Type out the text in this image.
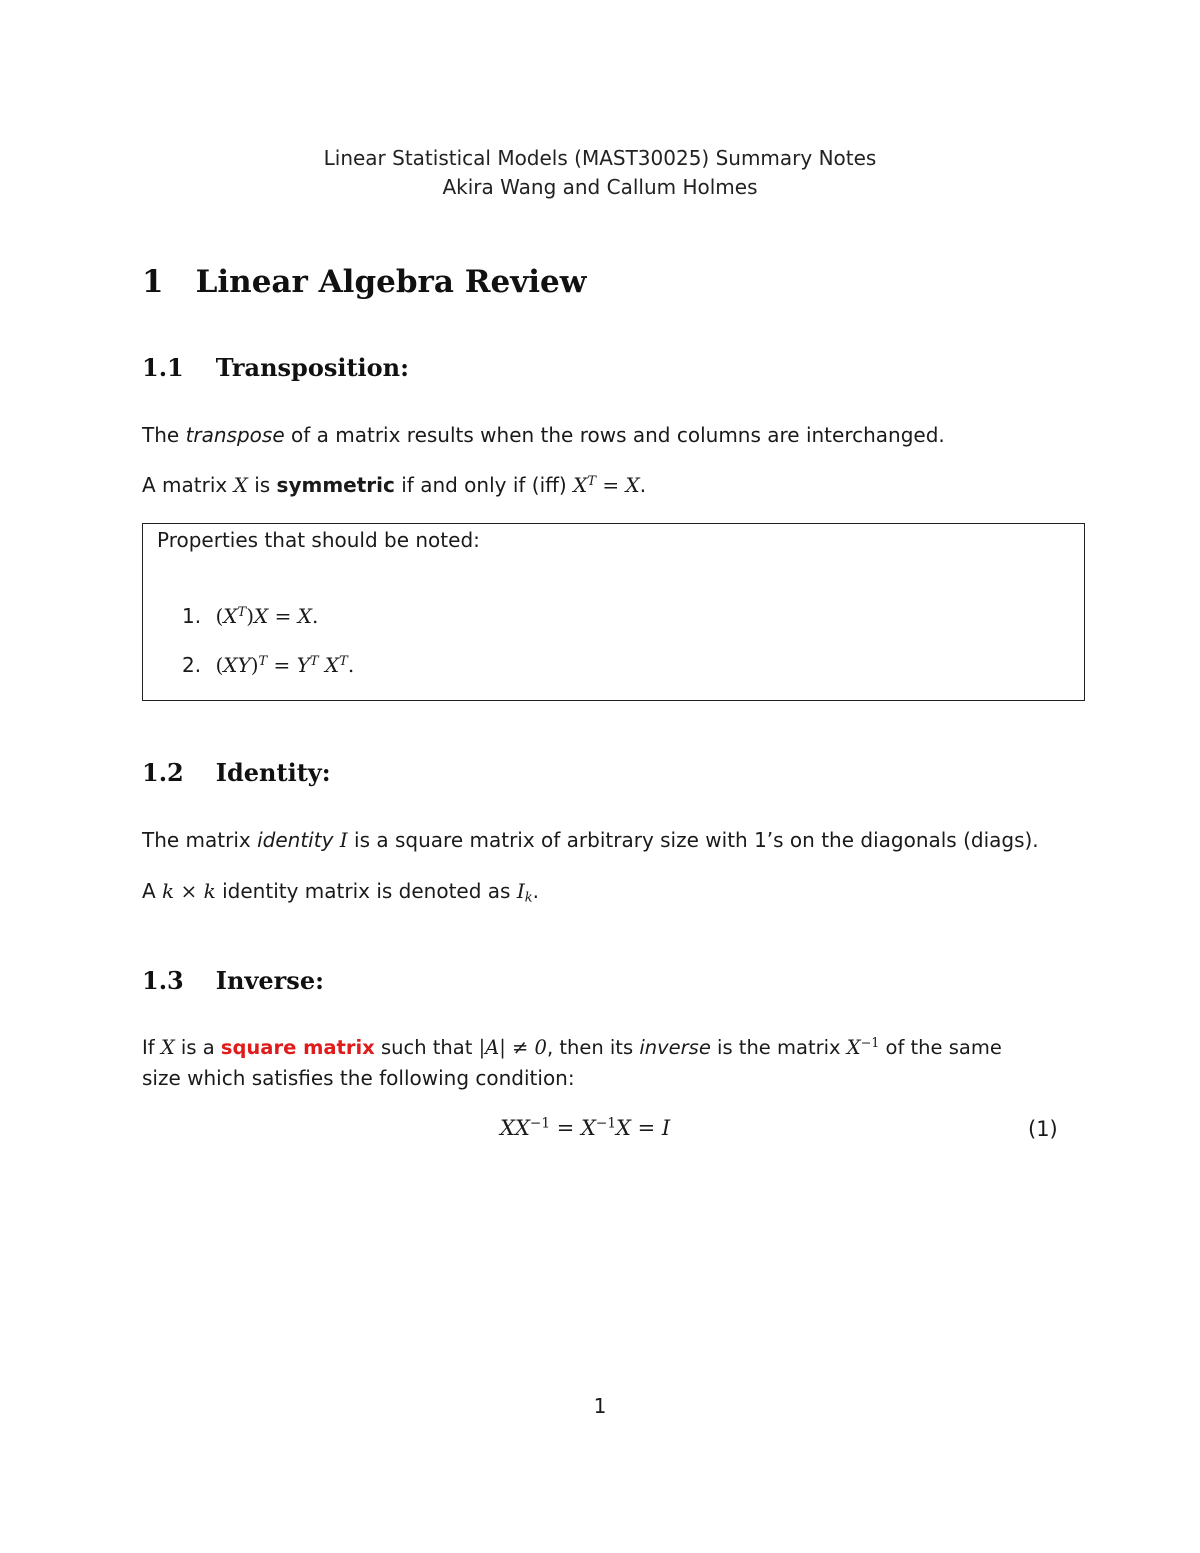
Linear Statistical Models (MAST30025) Summary Notes
Akira Wang and Callum Holmes
1 Linear Algebra Review
1.1 Transposition:
The transpose of a matrix results when the rows and columns are interchanged.
A matrix X is symmetric if and only if (iff) $X^T = X$.
Properties that should be noted:
1. $(X^T)X = X$.
2. $(XY)^T = Y^T$ $X^T$.
1.2 Identity:
The matrix identity I is a square matrix of arbitrary size with 1’s on the diagonals (diags).
A k × k identity matrix is denoted as $I_k$.
1.3 Inverse:
If X is a square matrix such that |A| ≠ 0, then its inverse is the matrix $X^{-1}$ of the same
size which satisfies the following condition:
$XX^{-1} = X^{-1}X = I$	(1)
1
